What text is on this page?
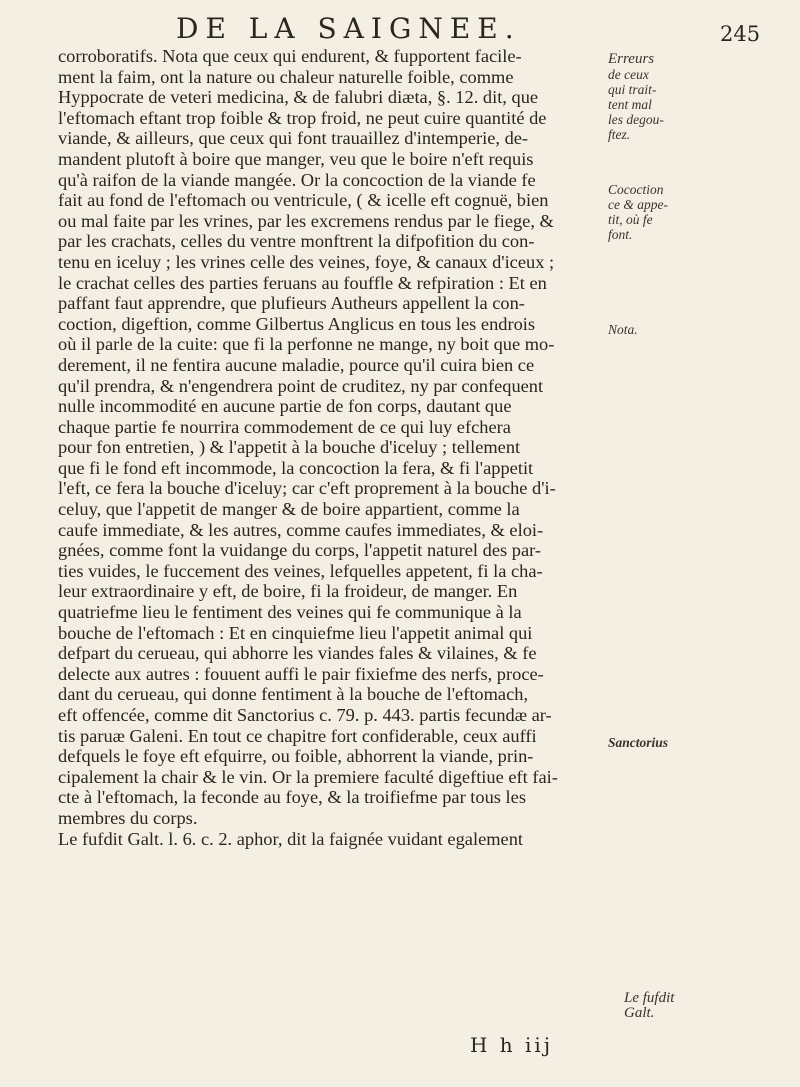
DE LA SAIGNEE.	245
corroboratifs. Nota que ceux qui endurent, & fupportent facile-
ment la faim, ont la nature ou chaleur naturelle foible, comme
Hyppocrate de veteri medicina, & de falubri diæta, §. 12. dit, que
l'eftomach eftant trop foible & trop froid, ne peut cuire quantité de
viande, & ailleurs, que ceux qui font trauaillez d'intemperie, de-
mandent plutoft à boire que manger, veu que le boire n'eft requis
qu'à raifon de la viande mangée. Or la concoction de la viande fe
fait au fond de l'eftomach ou ventricule, ( & icelle eft cognuë, bien
ou mal faite par les vrines, par les excremens rendus par le fiege, &
par les crachats, celles du ventre monftrent la difpofition du con-
tenu en iceluy ; les vrines celle des veines, foye, & canaux d'iceux ;
le crachat celles des parties feruans au fouffle & refpiration : Et en
paffant faut apprendre, que plufieurs Autheurs appellent la con-
coction, digeftion, comme Gilbertus Anglicus en tous les endrois
où il parle de la cuite: que fi la perfonne ne mange, ny boit que mo-
derement, il ne fentira aucune maladie, pource qu'il cuira bien ce
qu'il prendra, & n'engendrera point de cruditez, ny par confequent
nulle incommodité en aucune partie de fon corps, dautant que
chaque partie fe nourrira commodement de ce qui luy efchera
pour fon entretien, ) & l'appetit à la bouche d'iceluy ; tellement
que fi le fond eft incommode, la concoction la fera, & fi l'appetit
l'eft, ce fera la bouche d'iceluy; car c'eft proprement à la bouche d'i-
celuy, que l'appetit de manger & de boire appartient, comme la
caufe immediate, & les autres, comme caufes immediates, & eloi-
gnées, comme font la vuidange du corps, l'appetit naturel des par-
ties vuides, le fuccement des veines, lefquelles appetent, fi la cha-
leur extraordinaire y eft, de boire, fi la froideur, de manger. En
quatriefme lieu le fentiment des veines qui fe communique à la
bouche de l'eftomach : Et en cinquiefme lieu l'appetit animal qui
defpart du cerueau, qui abhorre les viandes fales & vilaines, & fe
delecte aux autres : fouuent auffi le pair fixiefme des nerfs, proce-
dant du cerueau, qui donne fentiment à la bouche de l'eftomach,
eft offencée, comme dit Sanctorius c. 79. p. 443. partis fecundæ ar-
tis paruæ Galeni. En tout ce chapitre fort confiderable, ceux auffi
defquels le foye eft efquirre, ou foible, abhorrent la viande, prin-
cipalement la chair & le vin. Or la premiere faculté digeftiue eft fai-
cte à l'eftomach, la feconde au foye, & la troifiefme par tous les
membres du corps.
Le fufdit Galt. l. 6. c. 2. aphor, dit la faignée vuidant egalement
Erreurs
de ceux
qui trait-
tent mal
les degou-
ftez.
Cocoction
ce & appe-
tit, où fe
font.
Nota.
Sanctorius
Le fufdit
Galt.
H h iij
